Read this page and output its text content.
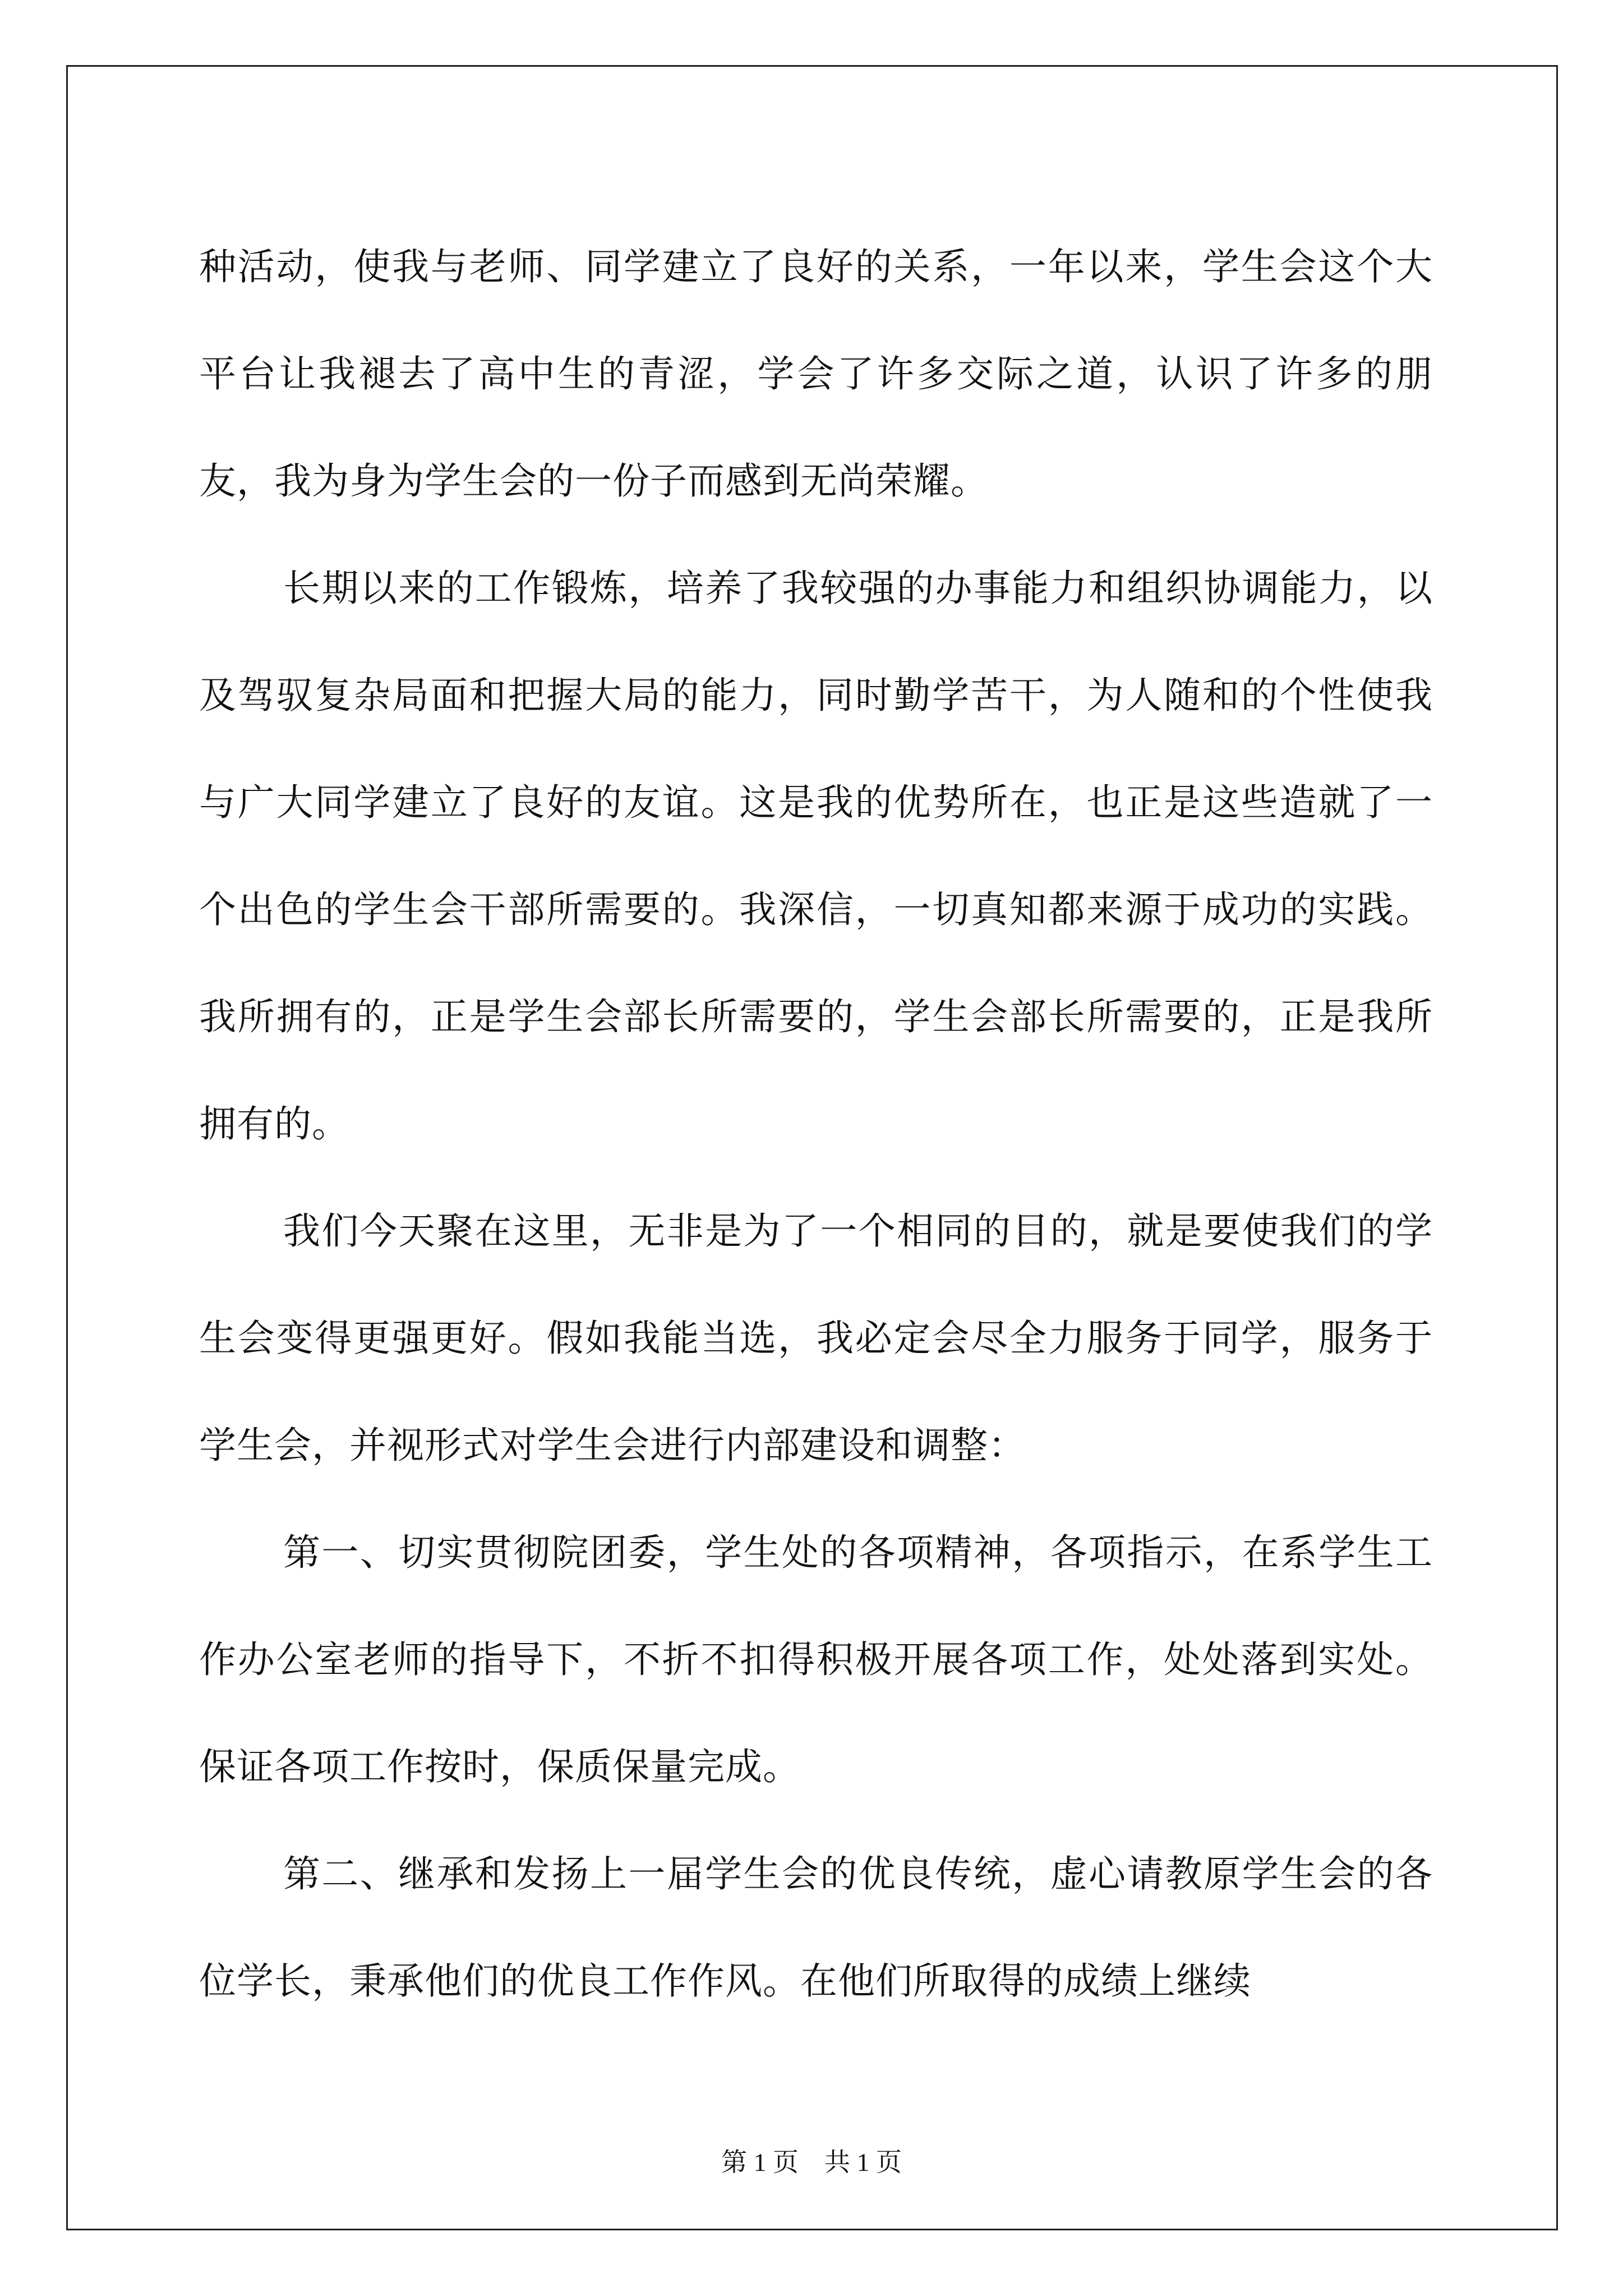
种活动，使我与老师、同学建立了良好的关系，一年以来，学生会这个大平台让我褪去了高中生的青涩，学会了许多交际之道，认识了许多的朋友，我为身为学生会的一份子而感到无尚荣耀。

长期以来的工作锻炼，培养了我较强的办事能力和组织协调能力，以及驾驭复杂局面和把握大局的能力，同时勤学苦干，为人随和的个性使我与广大同学建立了良好的友谊。这是我的优势所在，也正是这些造就了一个出色的学生会干部所需要的。我深信，一切真知都来源于成功的实践。我所拥有的，正是学生会部长所需要的，学生会部长所需要的，正是我所拥有的。

我们今天聚在这里，无非是为了一个相同的目的，就是要使我们的学生会变得更强更好。假如我能当选，我必定会尽全力服务于同学，服务于学生会，并视形式对学生会进行内部建设和调整：

第一、切实贯彻院团委，学生处的各项精神，各项指示，在系学生工作办公室老师的指导下，不折不扣得积极开展各项工作，处处落到实处。保证各项工作按时，保质保量完成。

第二、继承和发扬上一届学生会的优良传统，虚心请教原学生会的各位学长，秉承他们的优良工作作风。在他们所取得的成绩上继续

第 1 页　共 1 页
